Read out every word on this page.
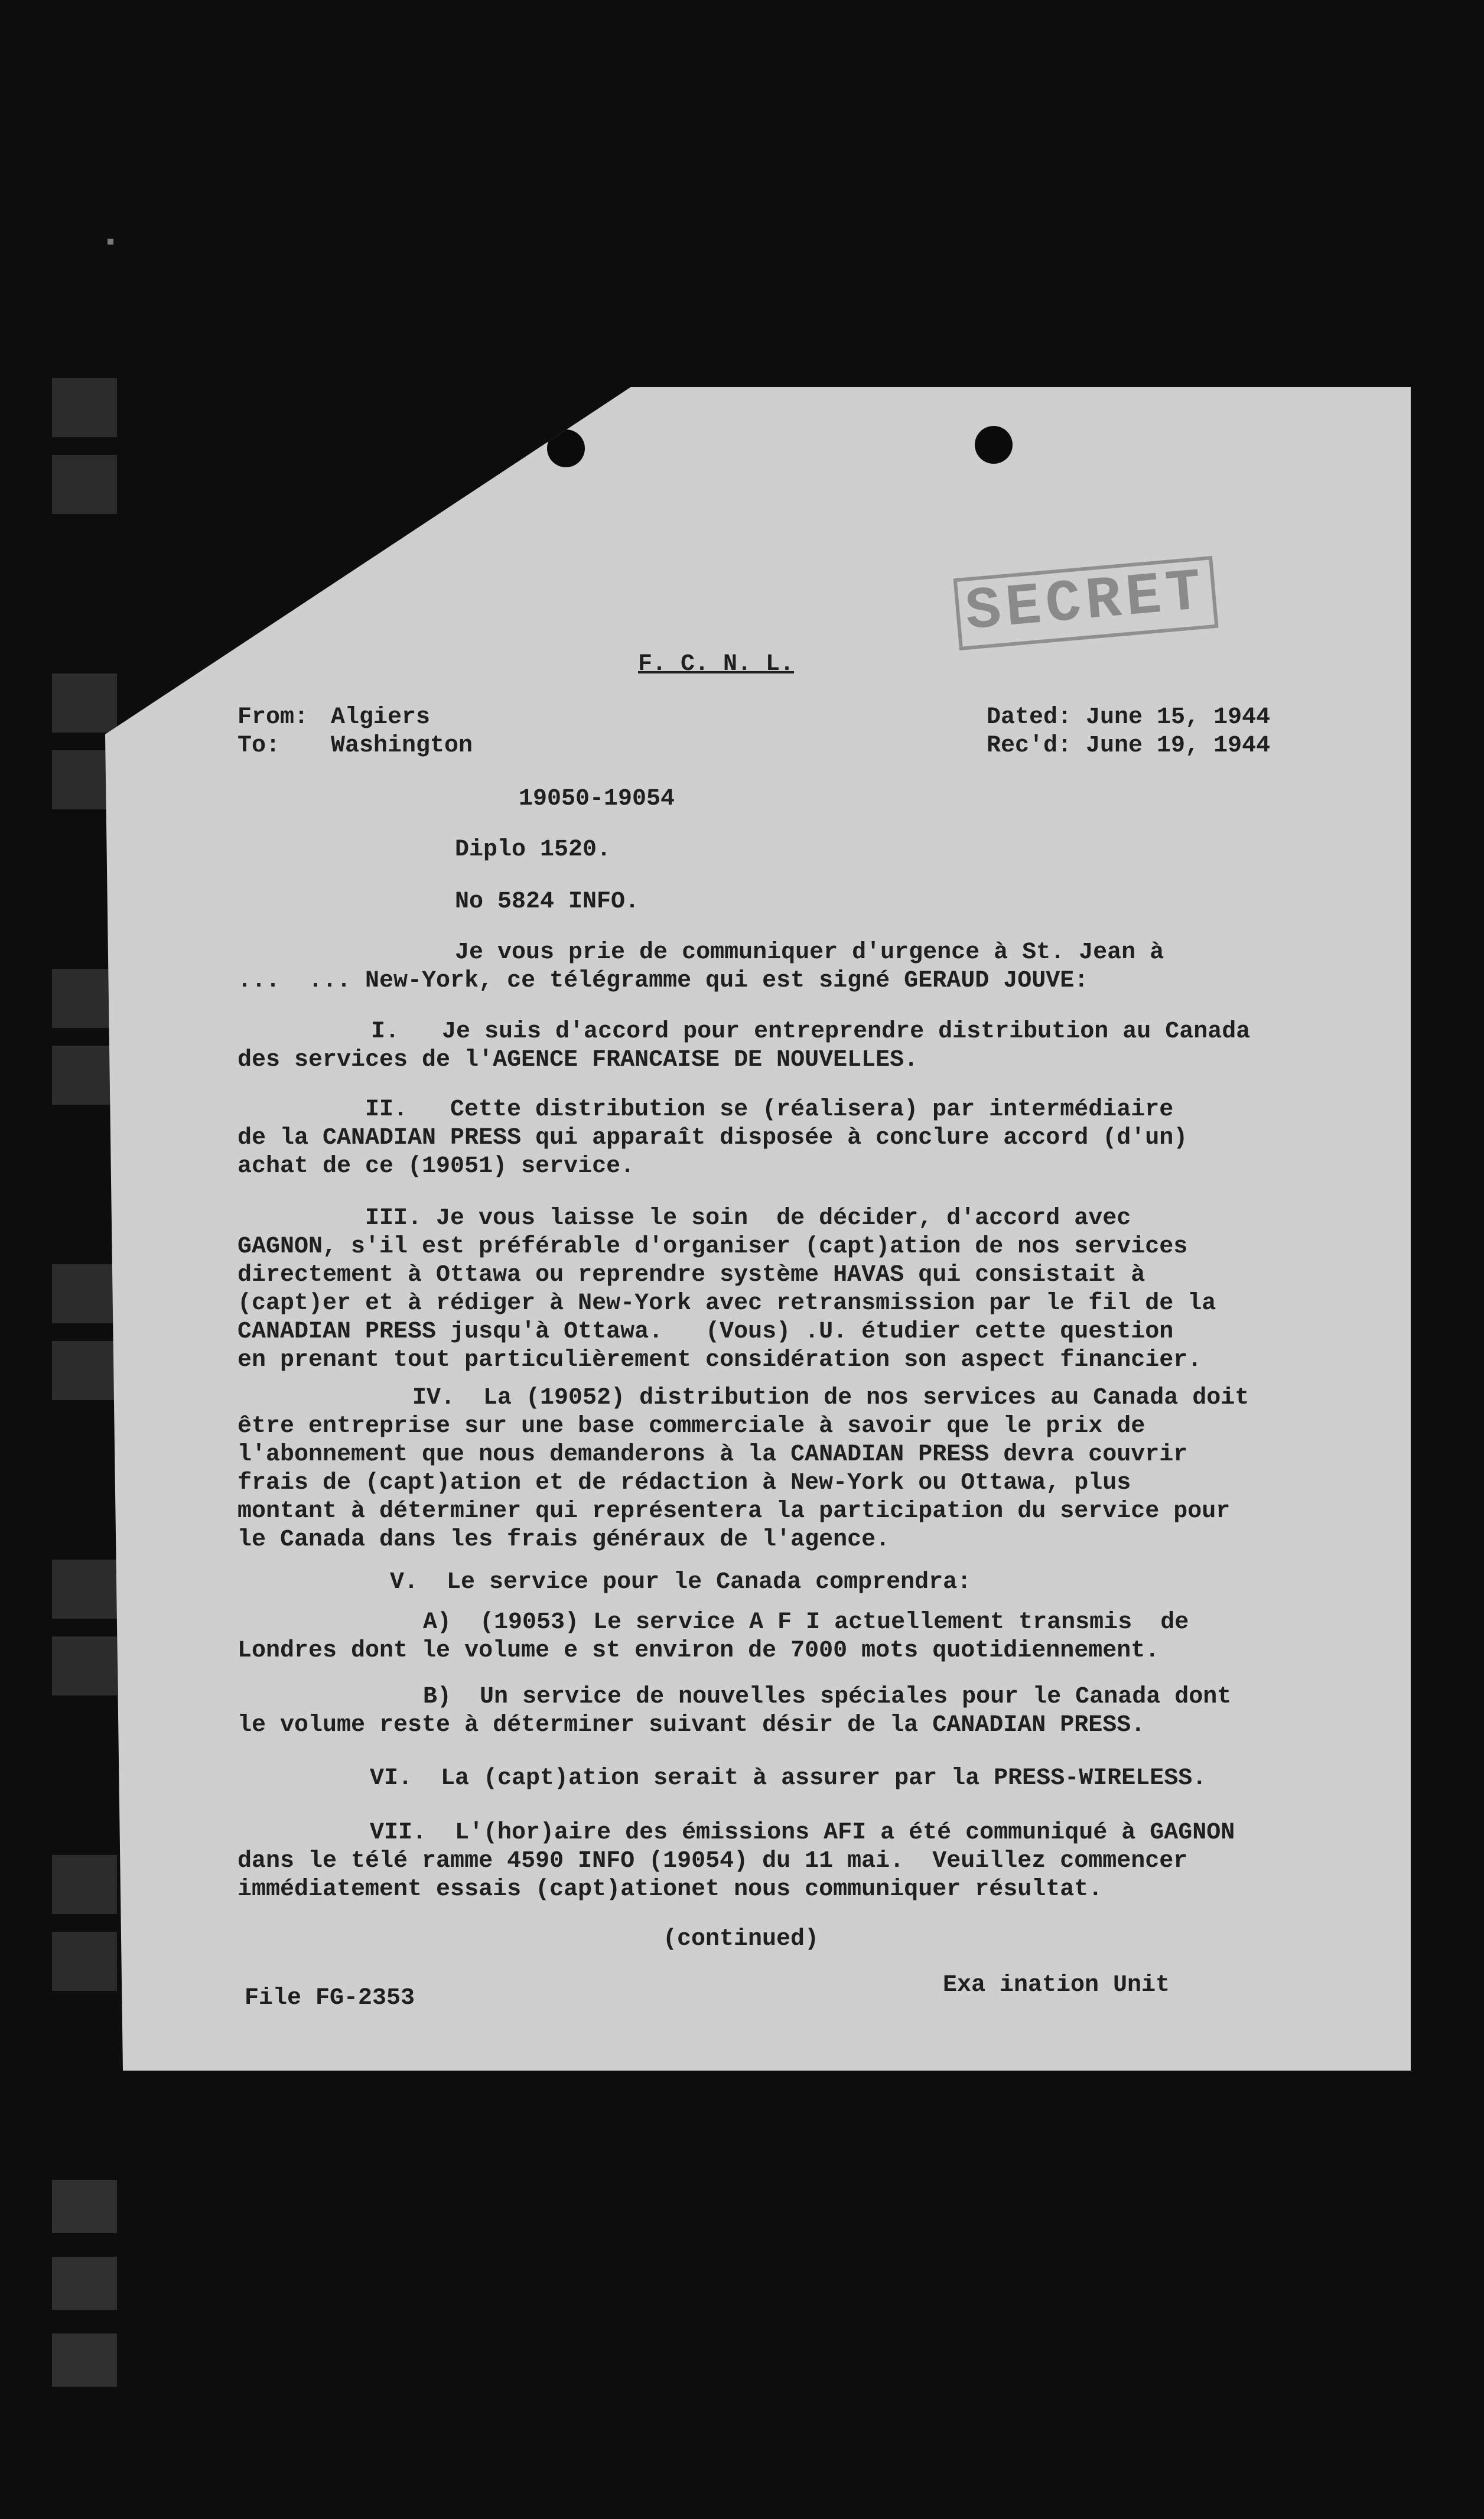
SECRET
F. C. N. L.
From: Algiers
To: Washington
Dated: June 15, 1944
Rec'd: June 19, 1944
19050-19054
Diplo 1520.
No 5824 INFO.
Je vous prie de communiquer d'urgence à St. Jean à
...  ... New-York, ce télégramme qui est signé GERAUD JOUVE:
I.   Je suis d'accord pour entreprendre distribution au Canada
des services de l'AGENCE FRANCAISE DE NOUVELLES.
II.   Cette distribution se (réalisera) par intermédiaire
de la CANADIAN PRESS qui apparaît disposée à conclure accord (d'un)
achat de ce (19051) service.
III. Je vous laisse le soin  de décider, d'accord avec
GAGNON, s'il est préférable d'organiser (capt)ation de nos services
directement à Ottawa ou reprendre système HAVAS qui consistait à
(capt)er et à rédiger à New-York avec retransmission par le fil de la
CANADIAN PRESS jusqu'à Ottawa.   (Vous) .U. étudier cette question
en prenant tout particulièrement considération son aspect financier.
IV.  La (19052) distribution de nos services au Canada doit
être entreprise sur une base commerciale à savoir que le prix de
l'abonnement que nous demanderons à la CANADIAN PRESS devra couvrir
frais de (capt)ation et de rédaction à New-York ou Ottawa, plus
montant à déterminer qui représentera la participation du service pour
le Canada dans les frais généraux de l'agence.
V.  Le service pour le Canada comprendra:
A)  (19053) Le service A F I actuellement transmis  de
Londres dont le volume e st environ de 7000 mots quotidiennement.
B)  Un service de nouvelles spéciales pour le Canada dont
le volume reste à déterminer suivant désir de la CANADIAN PRESS.
VI.  La (capt)ation serait à assurer par la PRESS-WIRELESS.
VII.  L'(hor)aire des émissions AFI a été communiqué à GAGNON
dans le télé ramme 4590 INFO (19054) du 11 mai.  Veuillez commencer
immédiatement essais (capt)ationet nous communiquer résultat.
(continued)
File FG-2353	Exa ination Unit
